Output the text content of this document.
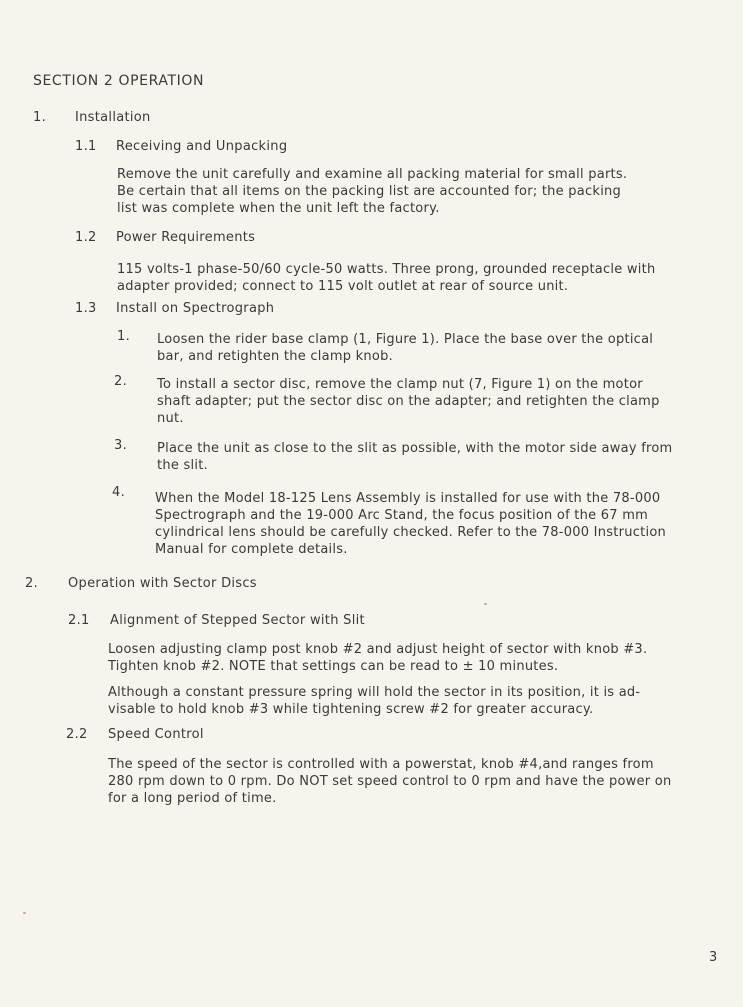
SECTION 2 OPERATION
1. Installation
1.1 Receiving and Unpacking
Remove the unit carefully and examine all packing material for small parts.
Be certain that all items on the packing list are accounted for; the packing
list was complete when the unit left the factory.
1.2 Power Requirements
115 volts-1 phase-50/60 cycle-50 watts. Three prong, grounded receptacle with
adapter provided; connect to 115 volt outlet at rear of source unit.
1.3 Install on Spectrograph
1. Loosen the rider base clamp (1, Figure 1). Place the base over the optical
bar, and retighten the clamp knob.
2. To install a sector disc, remove the clamp nut (7, Figure 1) on the motor
shaft adapter; put the sector disc on the adapter; and retighten the clamp
nut.
3. Place the unit as close to the slit as possible, with the motor side away from
the slit.
4. When the Model 18-125 Lens Assembly is installed for use with the 78-000
Spectrograph and the 19-000 Arc Stand, the focus position of the 67 mm
cylindrical lens should be carefully checked. Refer to the 78-000 Instruction
Manual for complete details.
2. Operation with Sector Discs
2.1 Alignment of Stepped Sector with Slit
Loosen adjusting clamp post knob #2 and adjust height of sector with knob #3.
Tighten knob #2. NOTE that settings can be read to ± 10 minutes.
Although a constant pressure spring will hold the sector in its position, it is ad-
visable to hold knob #3 while tightening screw #2 for greater accuracy.
2.2 Speed Control
The speed of the sector is controlled with a powerstat, knob #4,and ranges from
280 rpm down to 0 rpm. Do NOT set speed control to 0 rpm and have the power on
for a long period of time.
3
